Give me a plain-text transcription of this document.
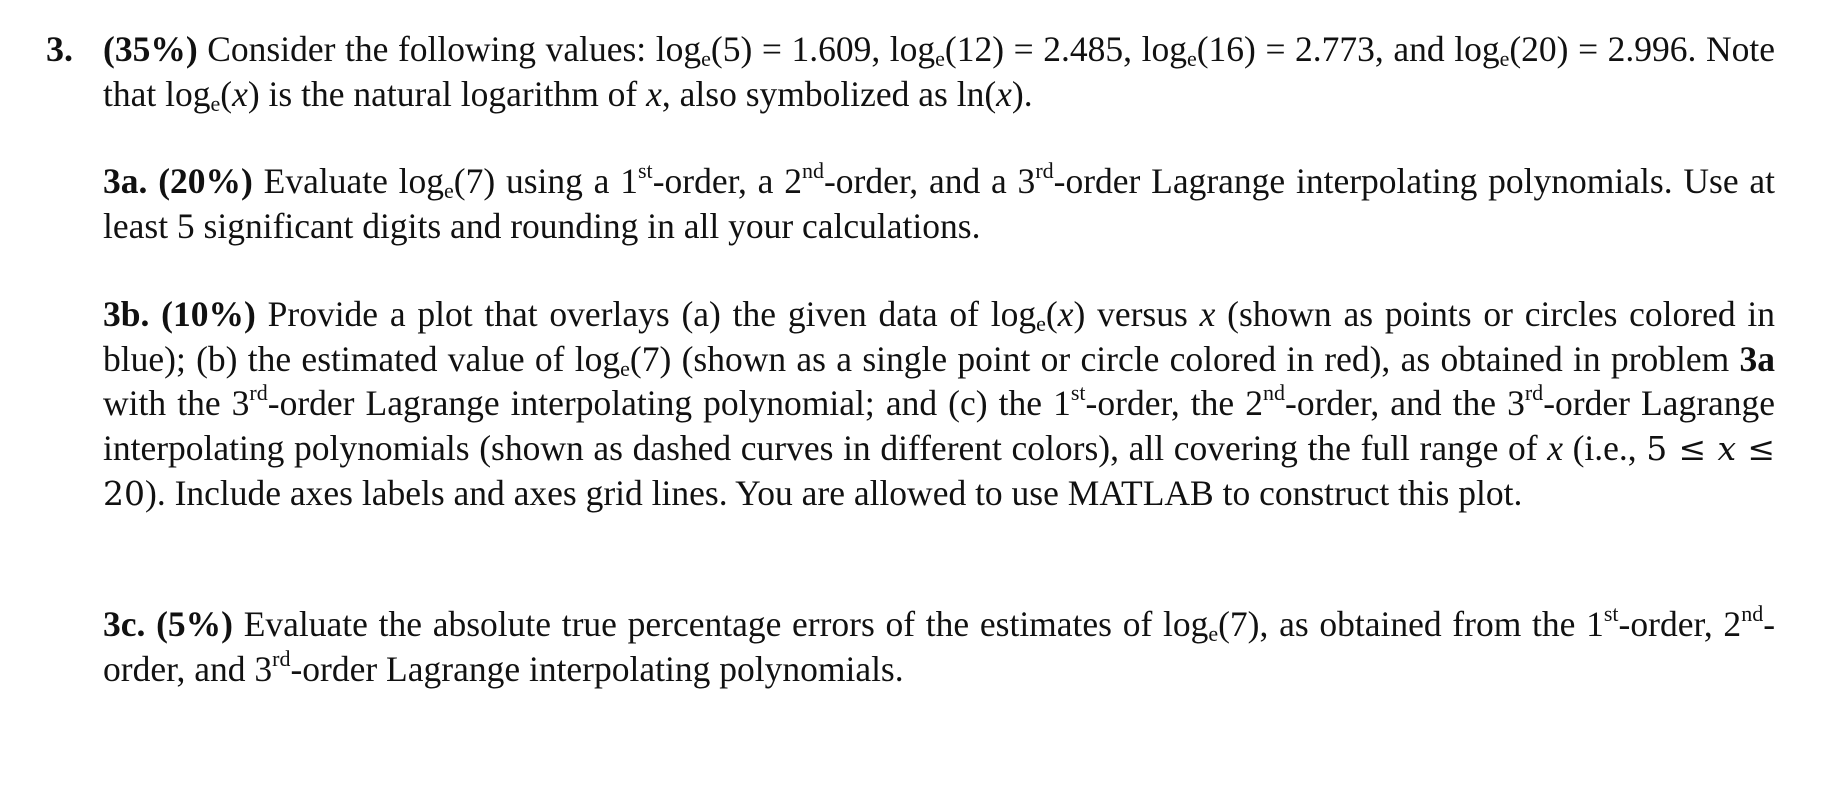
3. (35%) Consider the following values: $\log_e(5) = 1.609$, $\log_e(12) = 2.485$, $\log_e(16) = 2.773$, and $\log_e(20) = 2.996$. Note that $\log_e(x)$ is the natural logarithm of x, also symbolized as ln(x).
3a. (20%) Evaluate $\log_e(7)$ using a 1st-order, a 2nd-order, and a 3rd-order Lagrange interpolating polynomials. Use at least 5 significant digits and rounding in all your calculations.
3b. (10%) Provide a plot that overlays (a) the given data of $\log_e(x)$ versus x (shown as points or circles colored in blue); (b) the estimated value of $\log_e(7)$ (shown as a single point or circle colored in red), as obtained in problem 3a with the 3rd-order Lagrange interpolating polynomial; and (c) the 1st-order, the 2nd-order, and the 3rd-order Lagrange interpolating polynomials (shown as dashed curves in different colors), all covering the full range of x (i.e., 5 ≤ x ≤ 20). Include axes labels and axes grid lines. You are allowed to use MATLAB to construct this plot.
3c. (5%) Evaluate the absolute true percentage errors of the estimates of $\log_e(7)$, as obtained from the 1st-order, 2nd-order, and 3rd-order Lagrange interpolating polynomials.
